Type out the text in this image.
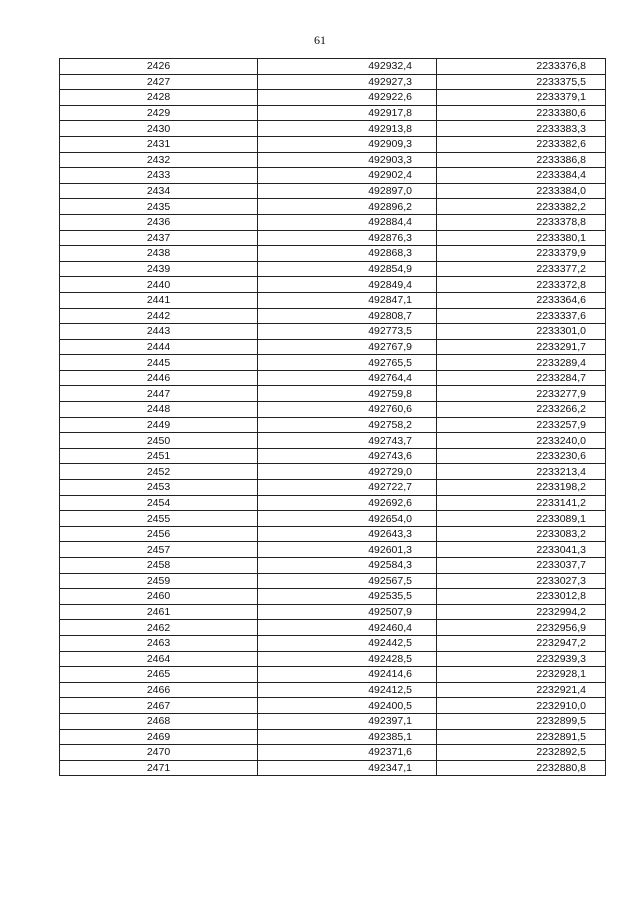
61
2426	492932,4	2233376,8
2427	492927,3	2233375,5
2428	492922,6	2233379,1
2429	492917,8	2233380,6
2430	492913,8	2233383,3
2431	492909,3	2233382,6
2432	492903,3	2233386,8
2433	492902,4	2233384,4
2434	492897,0	2233384,0
2435	492896,2	2233382,2
2436	492884,4	2233378,8
2437	492876,3	2233380,1
2438	492868,3	2233379,9
2439	492854,9	2233377,2
2440	492849,4	2233372,8
2441	492847,1	2233364,6
2442	492808,7	2233337,6
2443	492773,5	2233301,0
2444	492767,9	2233291,7
2445	492765,5	2233289,4
2446	492764,4	2233284,7
2447	492759,8	2233277,9
2448	492760,6	2233266,2
2449	492758,2	2233257,9
2450	492743,7	2233240,0
2451	492743,6	2233230,6
2452	492729,0	2233213,4
2453	492722,7	2233198,2
2454	492692,6	2233141,2
2455	492654,0	2233089,1
2456	492643,3	2233083,2
2457	492601,3	2233041,3
2458	492584,3	2233037,7
2459	492567,5	2233027,3
2460	492535,5	2233012,8
2461	492507,9	2232994,2
2462	492460,4	2232956,9
2463	492442,5	2232947,2
2464	492428,5	2232939,3
2465	492414,6	2232928,1
2466	492412,5	2232921,4
2467	492400,5	2232910,0
2468	492397,1	2232899,5
2469	492385,1	2232891,5
2470	492371,6	2232892,5
2471	492347,1	2232880,8
